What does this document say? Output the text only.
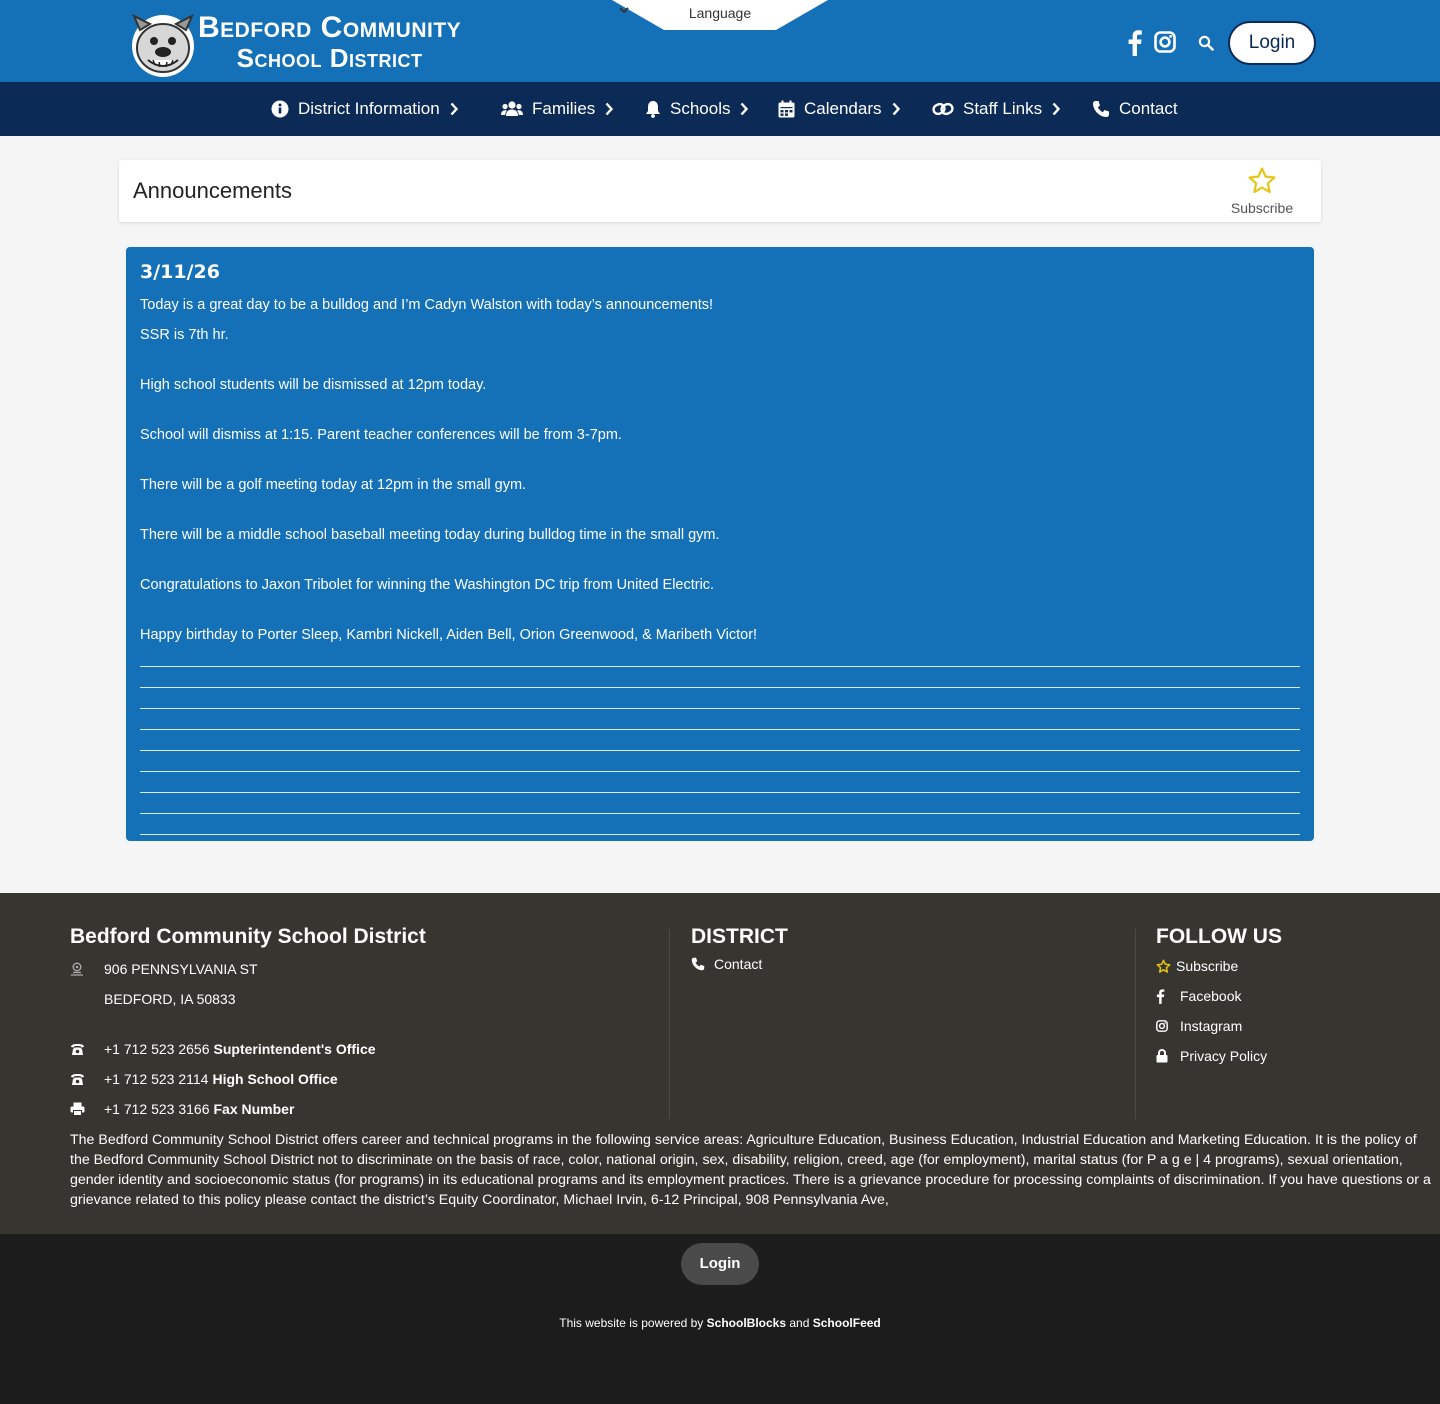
Bedford Community
School District
Language
Login
District Information	Families	Schools	Calendars	Staff Links	Contact
Announcements
Subscribe
3/11/26
Today is a great day to be a bulldog and I’m Cadyn Walston with today’s announcements!
SSR is 7th hr.
High school students will be dismissed at 12pm today.
School will dismiss at 1:15. Parent teacher conferences will be from 3-7pm.
There will be a golf meeting today at 12pm in the small gym.
There will be a middle school baseball meeting today during bulldog time in the small gym.
Congratulations to Jaxon Tribolet for winning the Washington DC trip from United Electric.
Happy birthday to Porter Sleep, Kambri Nickell, Aiden Bell, Orion Greenwood, & Maribeth Victor!
Bedford Community School District
906 PENNSYLVANIA ST
BEDFORD, IA 50833
+1 712 523 2656 Supterintendent's Office
+1 712 523 2114 High School Office
+1 712 523 3166 Fax Number
DISTRICT
Contact
FOLLOW US
Subscribe
Facebook
Instagram
Privacy Policy
The Bedford Community School District offers career and technical programs in the following service areas: Agriculture Education, Business Education, Industrial Education and Marketing Education. It is the policy of the Bedford Community School District not to discriminate on the basis of race, color, national origin, sex, disability, religion, creed, age (for employment), marital status (for P a g e | 4 programs), sexual orientation, gender identity and socioeconomic status (for programs) in its educational programs and its employment practices. There is a grievance procedure for processing complaints of discrimination. If you have questions or a grievance related to this policy please contact the district’s Equity Coordinator, Michael Irvin, 6-12 Principal, 908 Pennsylvania Ave,
Login
This website is powered by SchoolBlocks and SchoolFeed
